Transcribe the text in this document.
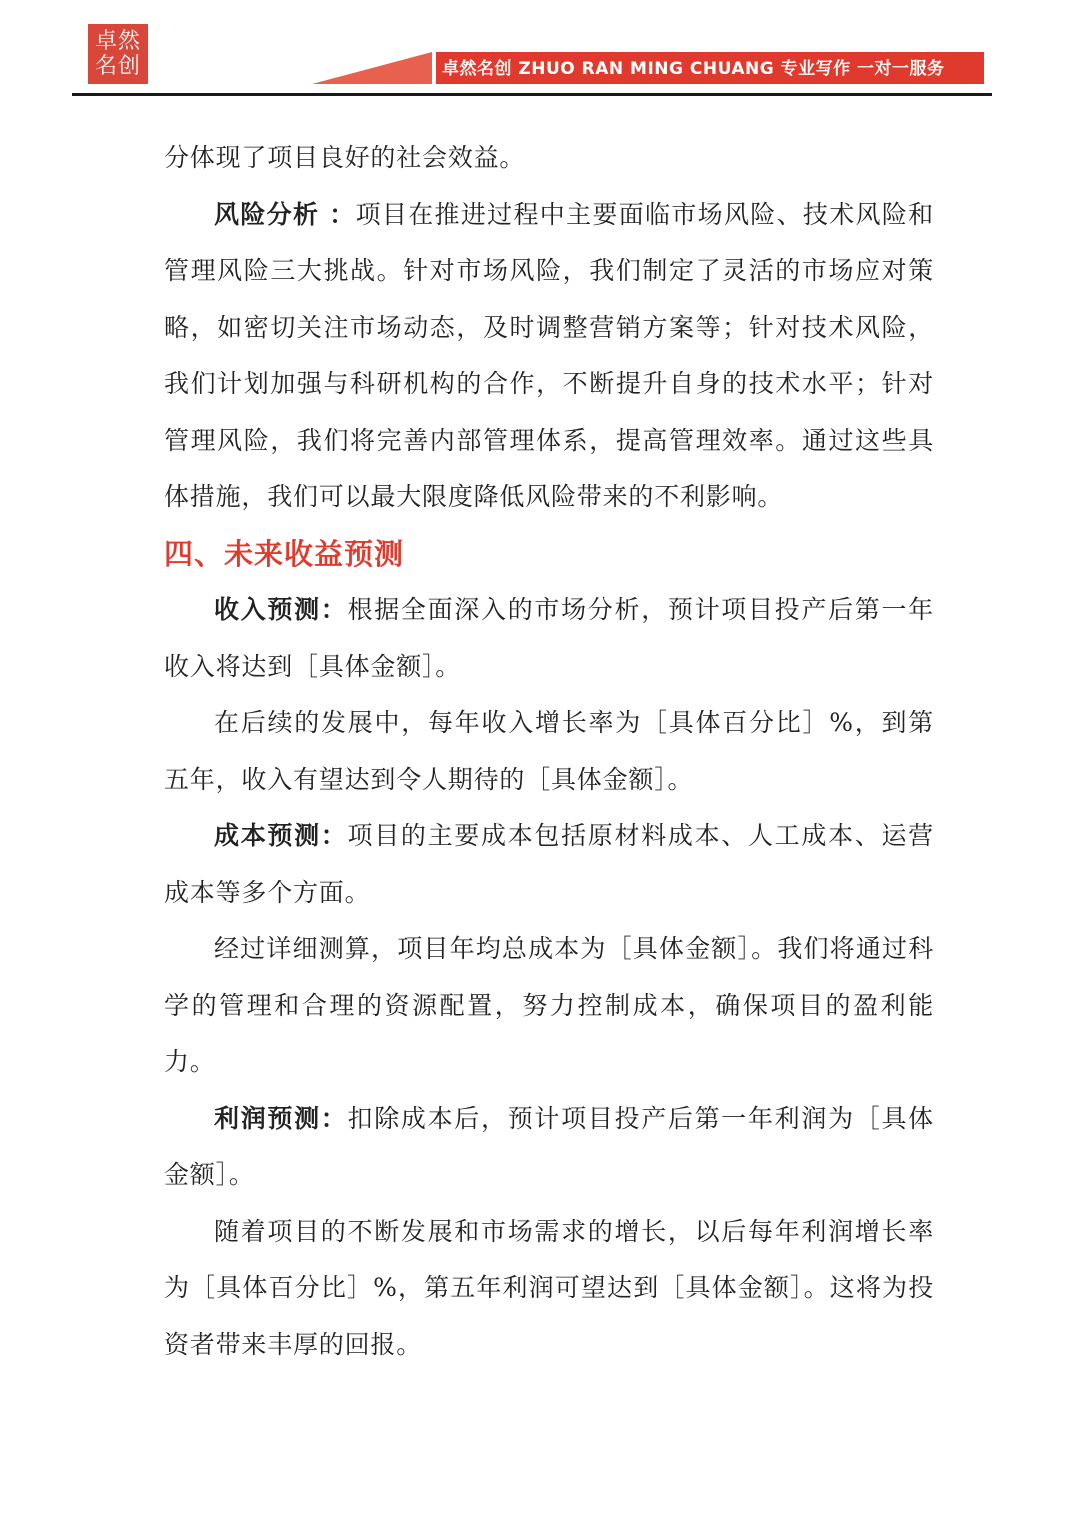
卓然
名创	卓然名创 ZHUO RAN MING CHUANG 专业写作 一对一服务

分体现了项目良好的社会效益。

风险分析 ：项目在推进过程中主要面临市场风险、技术风险和管理风险三大挑战。针对市场风险，我们制定了灵活的市场应对策略，如密切关注市场动态，及时调整营销方案等；针对技术风险，我们计划加强与科研机构的合作，不断提升自身的技术水平；针对管理风险，我们将完善内部管理体系，提高管理效率。通过这些具体措施，我们可以最大限度降低风险带来的不利影响。

四、未来收益预测

收入预测：根据全面深入的市场分析，预计项目投产后第一年收入将达到［具体金额］。

在后续的发展中，每年收入增长率为［具体百分比］%，到第五年，收入有望达到令人期待的［具体金额］。

成本预测：项目的主要成本包括原材料成本、人工成本、运营成本等多个方面。

经过详细测算，项目年均总成本为［具体金额］。我们将通过科学的管理和合理的资源配置，努力控制成本，确保项目的盈利能力。

利润预测：扣除成本后，预计项目投产后第一年利润为［具体金额］。

随着项目的不断发展和市场需求的增长，以后每年利润增长率为［具体百分比］%，第五年利润可望达到［具体金额］。这将为投资者带来丰厚的回报。
